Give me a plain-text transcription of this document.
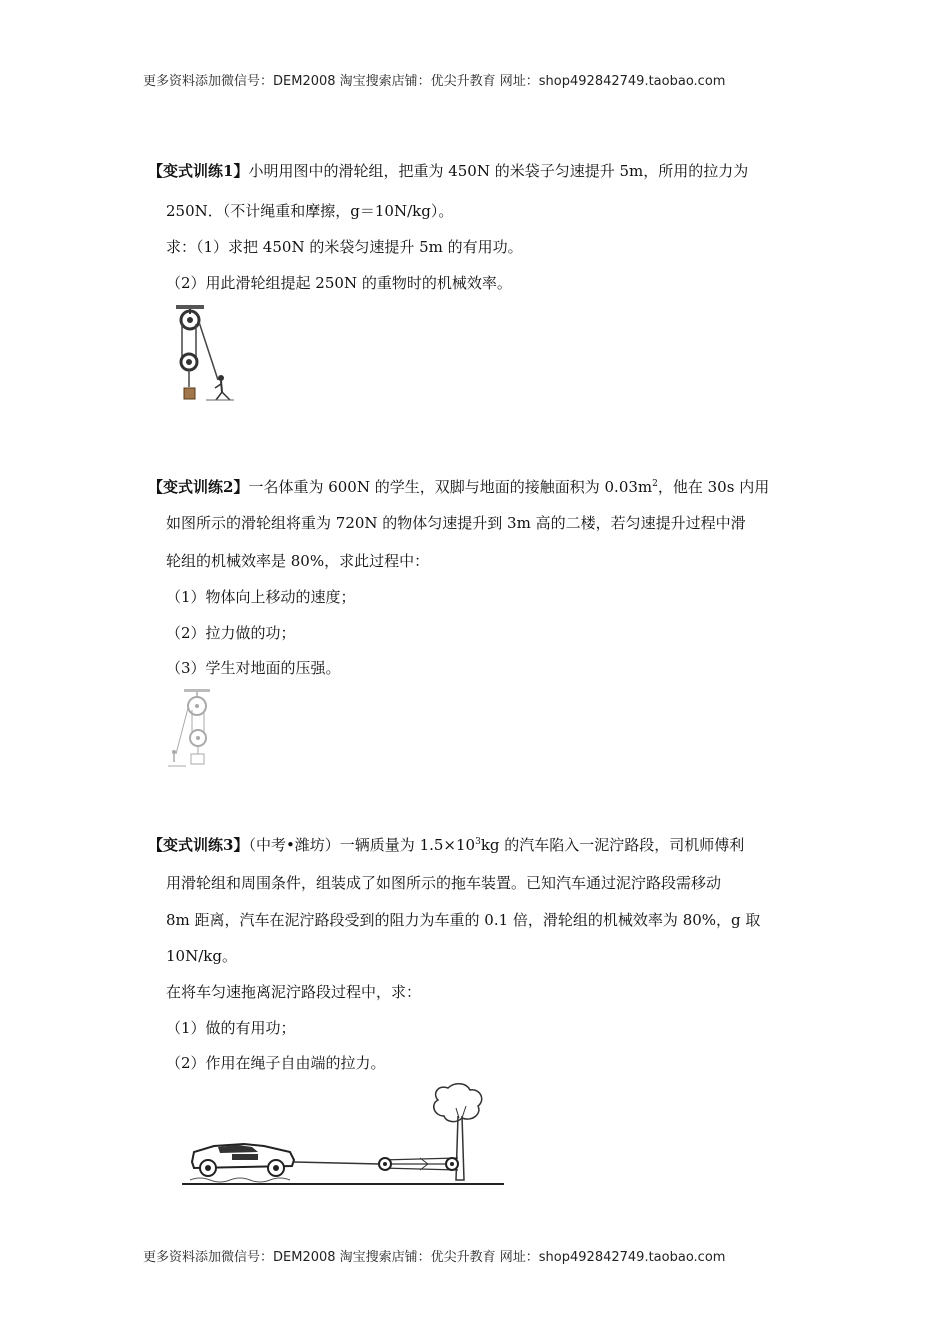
更多资料添加微信号：DEM2008 淘宝搜索店铺：优尖升教育 网址：shop492842749.taobao.com
【变式训练1】小明用图中的滑轮组，把重为 450N 的米袋子匀速提升 5m，所用的拉力为
250N．（不计绳重和摩擦，g＝10N/kg）。
求：（1）求把 450N 的米袋匀速提升 5m 的有用功。
（2）用此滑轮组提起 250N 的重物时的机械效率。
【变式训练2】一名体重为 600N 的学生，双脚与地面的接触面积为 $0.03m^2$，他在 30s 内用
如图所示的滑轮组将重为 720N 的物体匀速提升到 3m 高的二楼，若匀速提升过程中滑
轮组的机械效率是 80%，求此过程中：
（1）物体向上移动的速度；
（2）拉力做的功；
（3）学生对地面的压强。
【变式训练3】（中考•潍坊）一辆质量为 $1.5\times 10^3kg$ 的汽车陷入一泥泞路段，司机师傅利
用滑轮组和周围条件，组装成了如图所示的拖车装置。已知汽车通过泥泞路段需移动
8m 距离，汽车在泥泞路段受到的阻力为车重的 0.1 倍，滑轮组的机械效率为 80%，g 取
10N/kg。
在将车匀速拖离泥泞路段过程中，求：
（1）做的有用功；
（2）作用在绳子自由端的拉力。
更多资料添加微信号：DEM2008 淘宝搜索店铺：优尖升教育 网址：shop492842749.taobao.com
